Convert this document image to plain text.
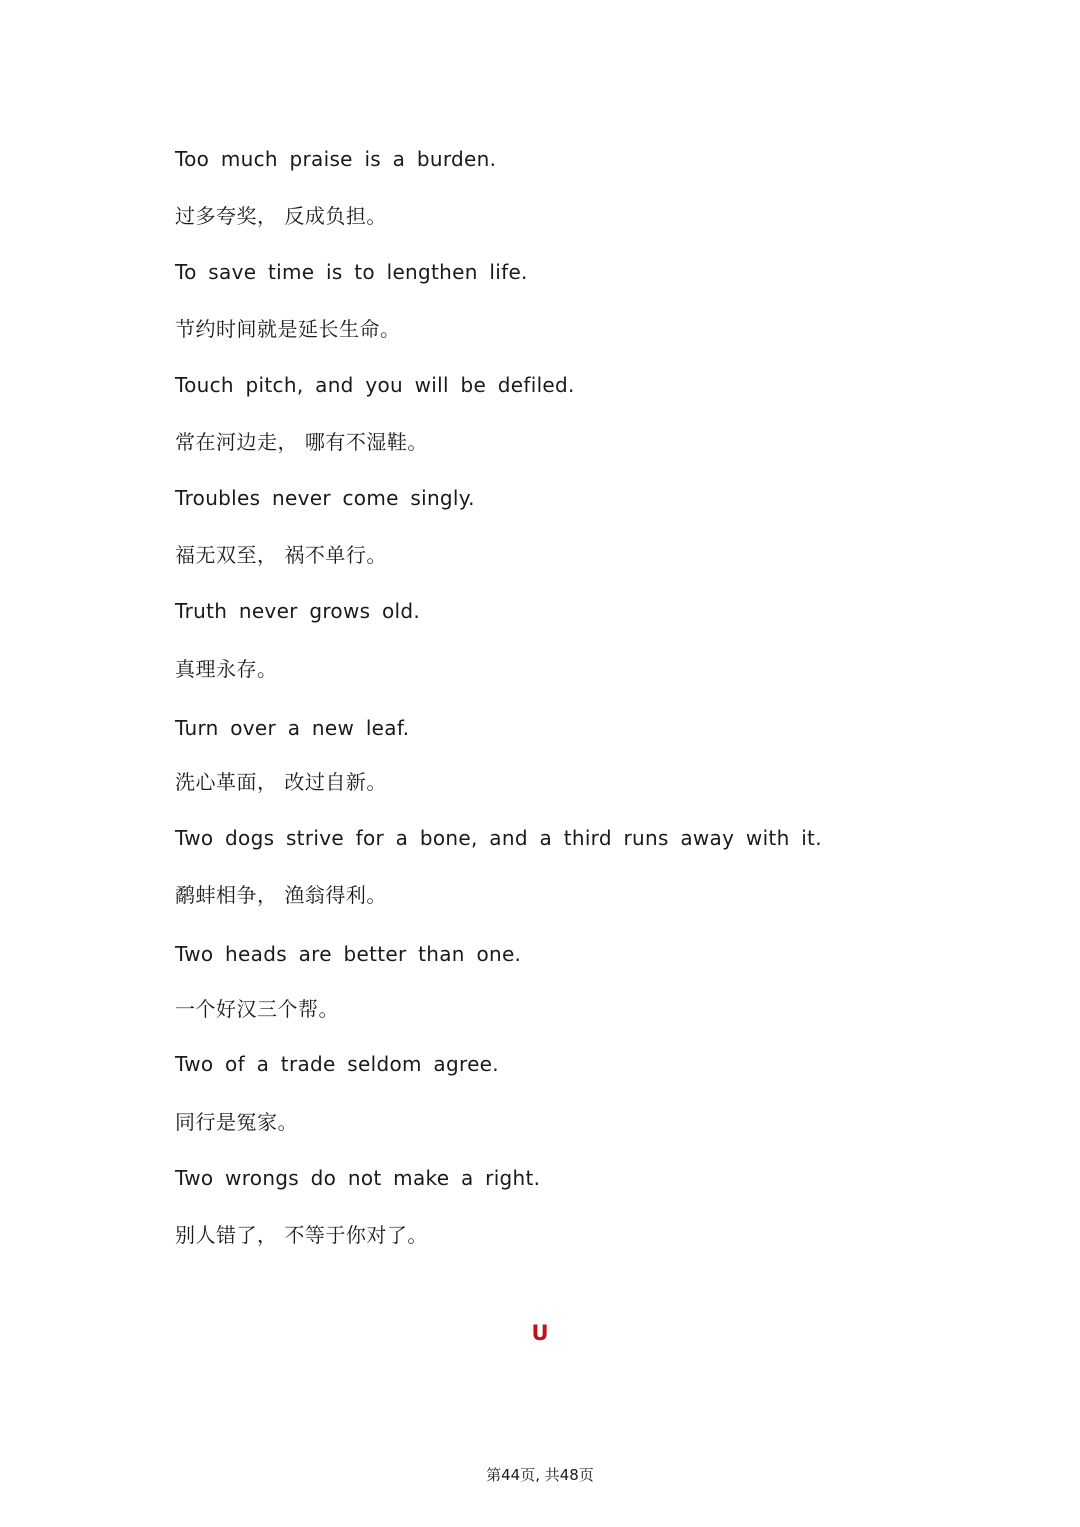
Too much praise is a burden.
过多夸奖， 反成负担。
To save time is to lengthen life.
节约时间就是延长生命。
Touch pitch, and you will be defiled.
常在河边走， 哪有不湿鞋。
Troubles never come singly.
福无双至， 祸不单行。
Truth never grows old.
真理永存。
Turn over a new leaf.
洗心革面， 改过自新。
Two dogs strive for a bone, and a third runs away with it.
鹬蚌相争， 渔翁得利。
Two heads are better than one.
一个好汉三个帮。
Two of a trade seldom agree.
同行是冤家。
Two wrongs do not make a right.
别人错了， 不等于你对了。
U
第44页, 共48页
